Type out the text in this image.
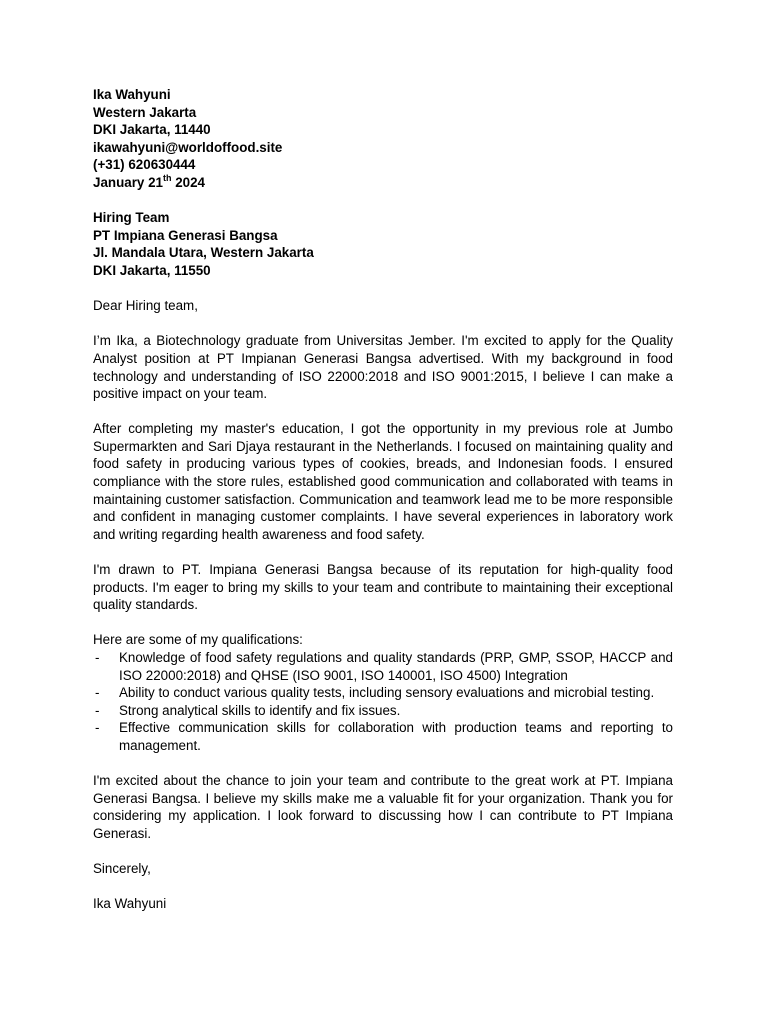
Ika Wahyuni
Western Jakarta
DKI Jakarta, 11440
ikawahyuni@worldoffood.site
(+31) 620630444
January 21th 2024
Hiring Team
PT Impiana Generasi Bangsa
Jl. Mandala Utara, Western Jakarta
DKI Jakarta, 11550

Dear Hiring team,

I’m Ika, a Biotechnology graduate from Universitas Jember. I'm excited to apply for the Quality Analyst position at PT Impianan Generasi Bangsa advertised. With my background in food technology and understanding of ISO 22000:2018 and ISO 9001:2015, I believe I can make a positive impact on your team.

After completing my master's education, I got the opportunity in my previous role at Jumbo Supermarkten and Sari Djaya restaurant in the Netherlands. I focused on maintaining quality and food safety in producing various types of cookies, breads, and Indonesian foods. I ensured compliance with the store rules, established good communication and collaborated with teams in maintaining customer satisfaction. Communication and teamwork lead me to be more responsible and confident in managing customer complaints. I have several experiences in laboratory work and writing regarding health awareness and food safety.

I'm drawn to PT. Impiana Generasi Bangsa because of its reputation for high-quality food products. I'm eager to bring my skills to your team and contribute to maintaining their exceptional quality standards.

Here are some of my qualifications:

- Knowledge of food safety regulations and quality standards (PRP, GMP, SSOP, HACCP and ISO 22000:2018) and QHSE (ISO 9001, ISO 140001, ISO 4500) Integration
- Ability to conduct various quality tests, including sensory evaluations and microbial testing.
- Strong analytical skills to identify and fix issues.
- Effective communication skills for collaboration with production teams and reporting to management.

I'm excited about the chance to join your team and contribute to the great work at PT. Impiana Generasi Bangsa. I believe my skills make me a valuable fit for your organization. Thank you for considering my application. I look forward to discussing how I can contribute to PT Impiana Generasi.

Sincerely,

Ika Wahyuni
